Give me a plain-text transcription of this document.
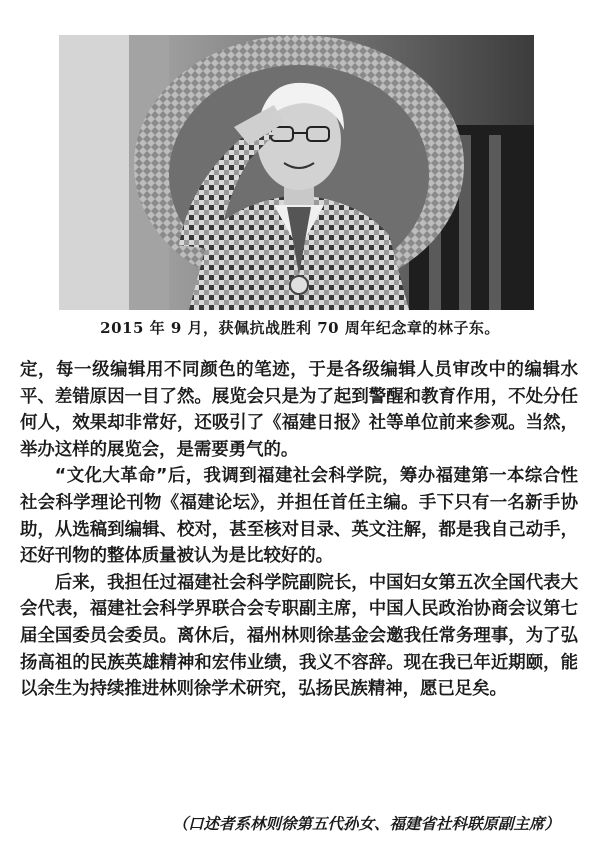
2015 年 9 月，获佩抗战胜利 70 周年纪念章的林子东。

定，每一级编辑用不同颜色的笔迹，于是各级编辑人员审改中的编辑水平、差错原因一目了然。展览会只是为了起到警醒和教育作用，不处分任何人，效果却非常好，还吸引了《福建日报》社等单位前来参观。当然，举办这样的展览会，是需要勇气的。

“文化大革命”后，我调到福建社会科学院，筹办福建第一本综合性社会科学理论刊物《福建论坛》，并担任首任主编。手下只有一名新手协助，从选稿到编辑、校对，甚至核对目录、英文注解，都是我自己动手，还好刊物的整体质量被认为是比较好的。

后来，我担任过福建社会科学院副院长，中国妇女第五次全国代表大会代表，福建社会科学界联合会专职副主席，中国人民政治协商会议第七届全国委员会委员。离休后，福州林则徐基金会邀我任常务理事，为了弘扬高祖的民族英雄精神和宏伟业绩，我义不容辞。现在我已年近期颐，能以余生为持续推进林则徐学术研究，弘扬民族精神，愿已足矣。

（口述者系林则徐第五代孙女、福建省社科联原副主席）
